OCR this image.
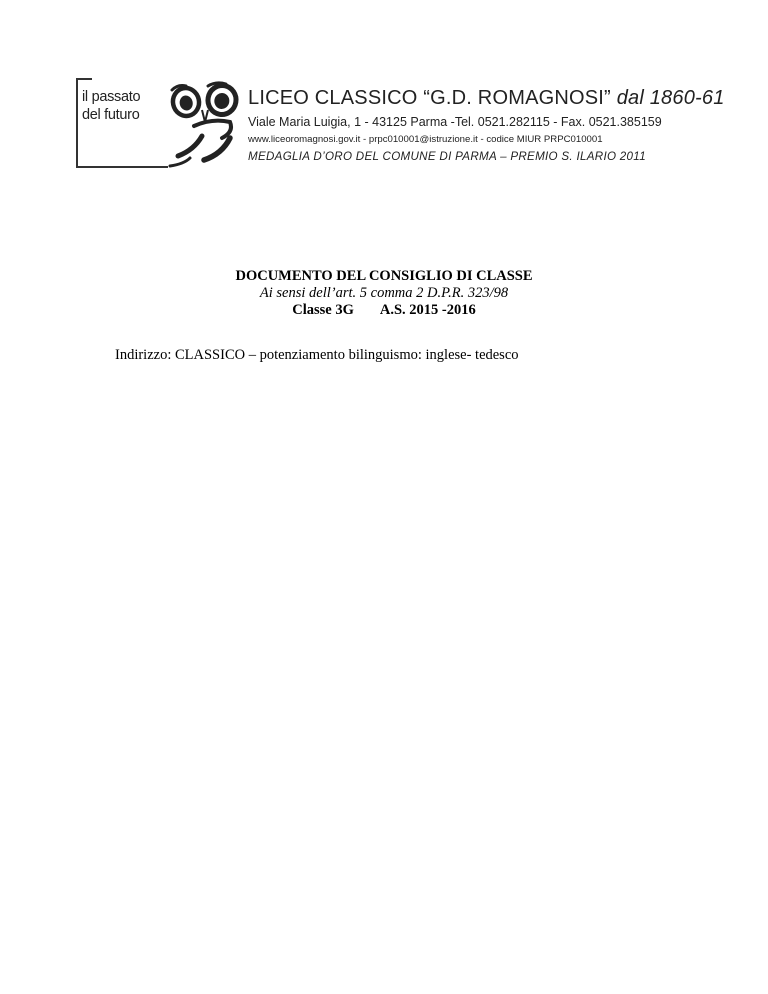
il passato
del futuro
LICEO CLASSICO “G.D. ROMAGNOSI” dal 1860-61
Viale Maria Luigia, 1 - 43125 Parma -Tel. 0521.282115 - Fax. 0521.385159
www.liceoromagnosi.gov.it - prpc010001@istruzione.it - codice MIUR PRPC010001
MEDAGLIA D’ORO DEL COMUNE DI PARMA – PREMIO S. ILARIO 2011
DOCUMENTO DEL CONSIGLIO DI CLASSE
Ai sensi dell’art. 5 comma 2 D.P.R. 323/98
Classe 3G A.S. 2015 -2016
Indirizzo: CLASSICO – potenziamento bilinguismo: inglese- tedesco
